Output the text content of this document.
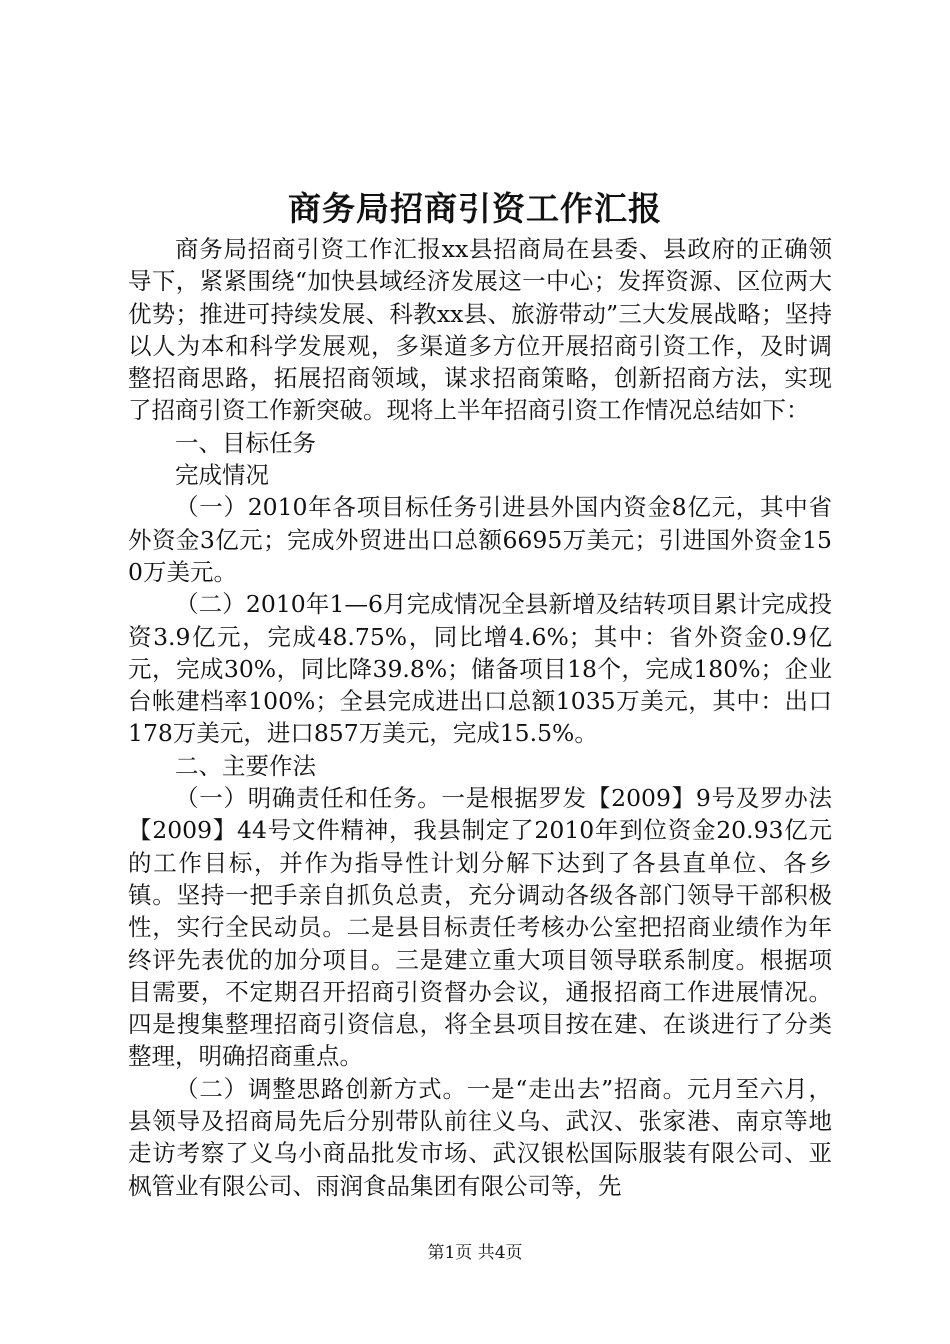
商务局招商引资工作汇报

商务局招商引资工作汇报xx县招商局在县委、县政府的正确领导下，紧紧围绕“加快县域经济发展这一中心；发挥资源、区位两大优势；推进可持续发展、科教xx县、旅游带动”三大发展战略；坚持以人为本和科学发展观，多渠道多方位开展招商引资工作，及时调整招商思路，拓展招商领域，谋求招商策略，创新招商方法，实现了招商引资工作新突破。现将上半年招商引资工作情况总结如下：

一、目标任务

完成情况

（一）2010年各项目标任务引进县外国内资金8亿元，其中省外资金3亿元；完成外贸进出口总额6695万美元；引进国外资金150万美元。

（二）2010年1—6月完成情况全县新增及结转项目累计完成投资3.9亿元，完成48.75%，同比增4.6%；其中：省外资金0.9亿元，完成30%，同比降39.8%；储备项目18个，完成180%；企业台帐建档率100%；全县完成进出口总额1035万美元，其中：出口178万美元，进口857万美元，完成15.5%。

二、主要作法

（一）明确责任和任务。一是根据罗发【2009】9号及罗办法【2009】44号文件精神，我县制定了2010年到位资金20.93亿元的工作目标，并作为指导性计划分解下达到了各县直单位、各乡镇。坚持一把手亲自抓负总责，充分调动各级各部门领导干部积极性，实行全民动员。二是县目标责任考核办公室把招商业绩作为年终评先表优的加分项目。三是建立重大项目领导联系制度。根据项目需要，不定期召开招商引资督办会议，通报招商工作进展情况。四是搜集整理招商引资信息，将全县项目按在建、在谈进行了分类整理，明确招商重点。

（二）调整思路创新方式。一是“走出去”招商。元月至六月，县领导及招商局先后分别带队前往义乌、武汉、张家港、南京等地走访考察了义乌小商品批发市场、武汉银松国际服装有限公司、亚枫管业有限公司、雨润食品集团有限公司等，先

第1页 共4页
